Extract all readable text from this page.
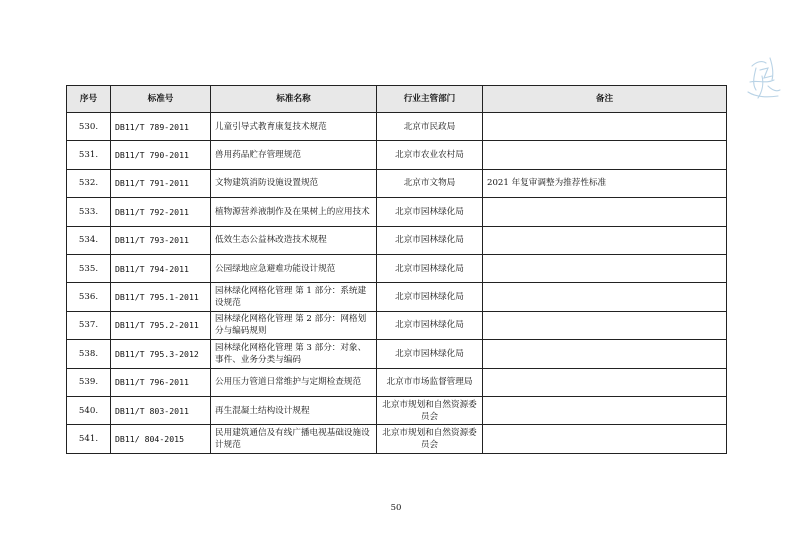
序号	标准号	标准名称	行业主管部门	备注
530.	DB11/T 789-2011	儿童引导式教育康复技术规范	北京市民政局	
531.	DB11/T 790-2011	兽用药品贮存管理规范	北京市农业农村局	
532.	DB11/T 791-2011	文物建筑消防设施设置规范	北京市文物局	2021 年复审调整为推荐性标准
533.	DB11/T 792-2011	植物源营养液制作及在果树上的应用技术	北京市园林绿化局	
534.	DB11/T 793-2011	低效生态公益林改造技术规程	北京市园林绿化局	
535.	DB11/T 794-2011	公园绿地应急避难功能设计规范	北京市园林绿化局	
536.	DB11/T 795.1-2011	园林绿化网格化管理 第 1 部分：系统建设规范	北京市园林绿化局	
537.	DB11/T 795.2-2011	园林绿化网格化管理 第 2 部分：网格划分与编码规则	北京市园林绿化局	
538.	DB11/T 795.3-2012	园林绿化网格化管理 第 3 部分：对象、事件、业务分类与编码	北京市园林绿化局	
539.	DB11/T 796-2011	公用压力管道日常维护与定期检查规范	北京市市场监督管理局	
540.	DB11/T 803-2011	再生混凝土结构设计规程	北京市规划和自然资源委员会	
541.	DB11/ 804-2015	民用建筑通信及有线广播电视基础设施设计规范	北京市规划和自然资源委员会	
50
